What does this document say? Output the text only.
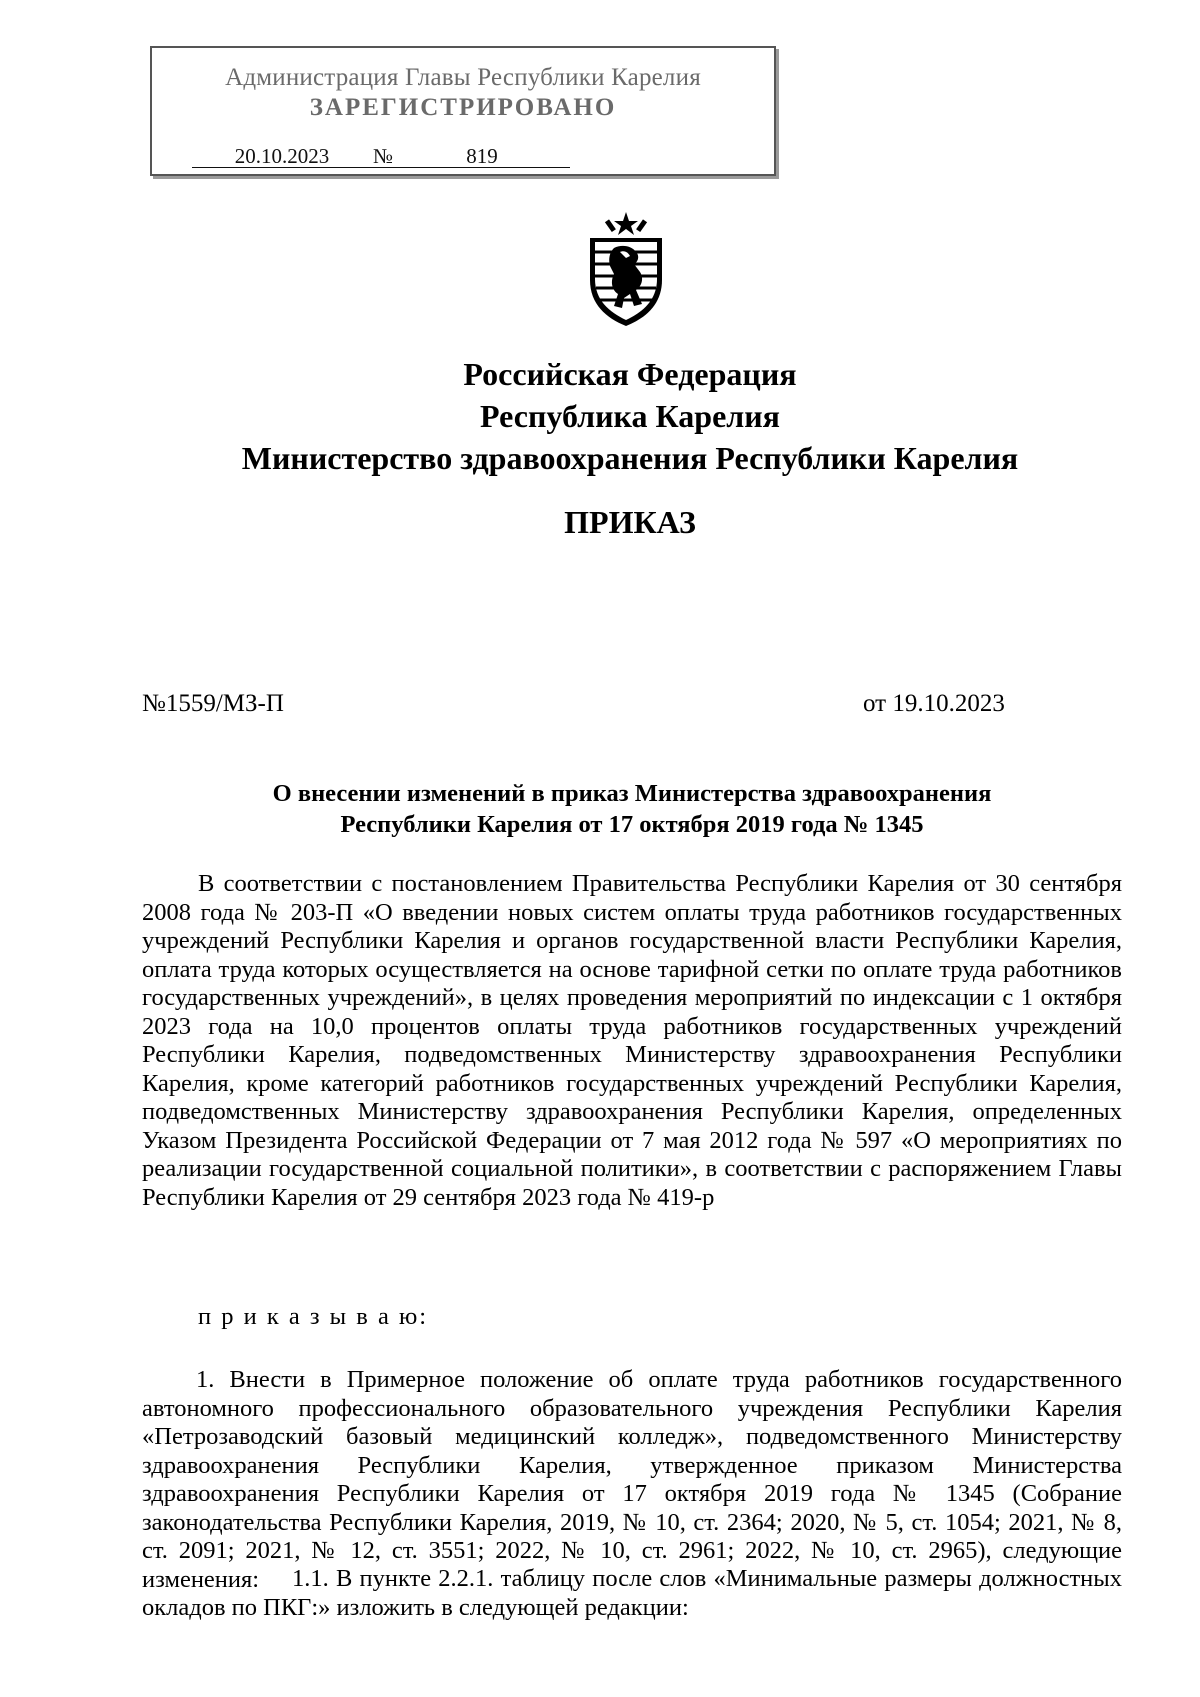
Администрация Главы Республики Карелия
ЗАРЕГИСТРИРОВАНО
20.10.2023 №	819
Российская Федерация
Республика Карелия
Министерство здравоохранения Республики Карелия
ПРИКАЗ
№1559/МЗ-П	от 19.10.2023
О внесении изменений в приказ Министерства здравоохранения
Республики Карелия от 17 октября 2019 года № 1345
В соответствии с постановлением Правительства Республики Карелия от 30 сентября 2008 года № 203-П «О введении новых систем оплаты труда работников государственных учреждений Республики Карелия и органов государственной власти Республики Карелия, оплата труда которых осуществляется на основе тарифной сетки по оплате труда работников государственных учреждений», в целях проведения мероприятий по индексации с 1 октября 2023 года на 10,0 процентов оплаты труда работников государственных учреждений Республики Карелия, подведомственных Министерству здравоохранения Республики Карелия, кроме категорий работников государственных учреждений Республики Карелия, подведомственных Министерству здравоохранения Республики Карелия, определенных Указом Президента Российской Федерации от 7 мая 2012 года № 597 «О мероприятиях по реализации государственной социальной политики», в соответствии с распоряжением Главы Республики Карелия от 29 сентября 2023 года № 419-р
п р и к а з ы в а ю:
1. Внести в Примерное положение об оплате труда работников государственного автономного профессионального образовательного учреждения Республики Карелия «Петрозаводский базовый медицинский колледж», подведомственного Министерству здравоохранения Республики Карелия, утвержденное приказом Министерства здравоохранения Республики Карелия от 17 октября 2019 года № 1345 (Собрание законодательства Республики Карелия, 2019, № 10, ст. 2364; 2020, № 5, ст. 1054; 2021, № 8, ст. 2091; 2021, № 12, ст. 3551; 2022, № 10, ст. 2961; 2022, № 10, ст. 2965), следующие изменения:	1.1. В пункте 2.2.1. таблицу после слов «Минимальные размеры должностных окладов по ПКГ:» изложить в следующей редакции:
